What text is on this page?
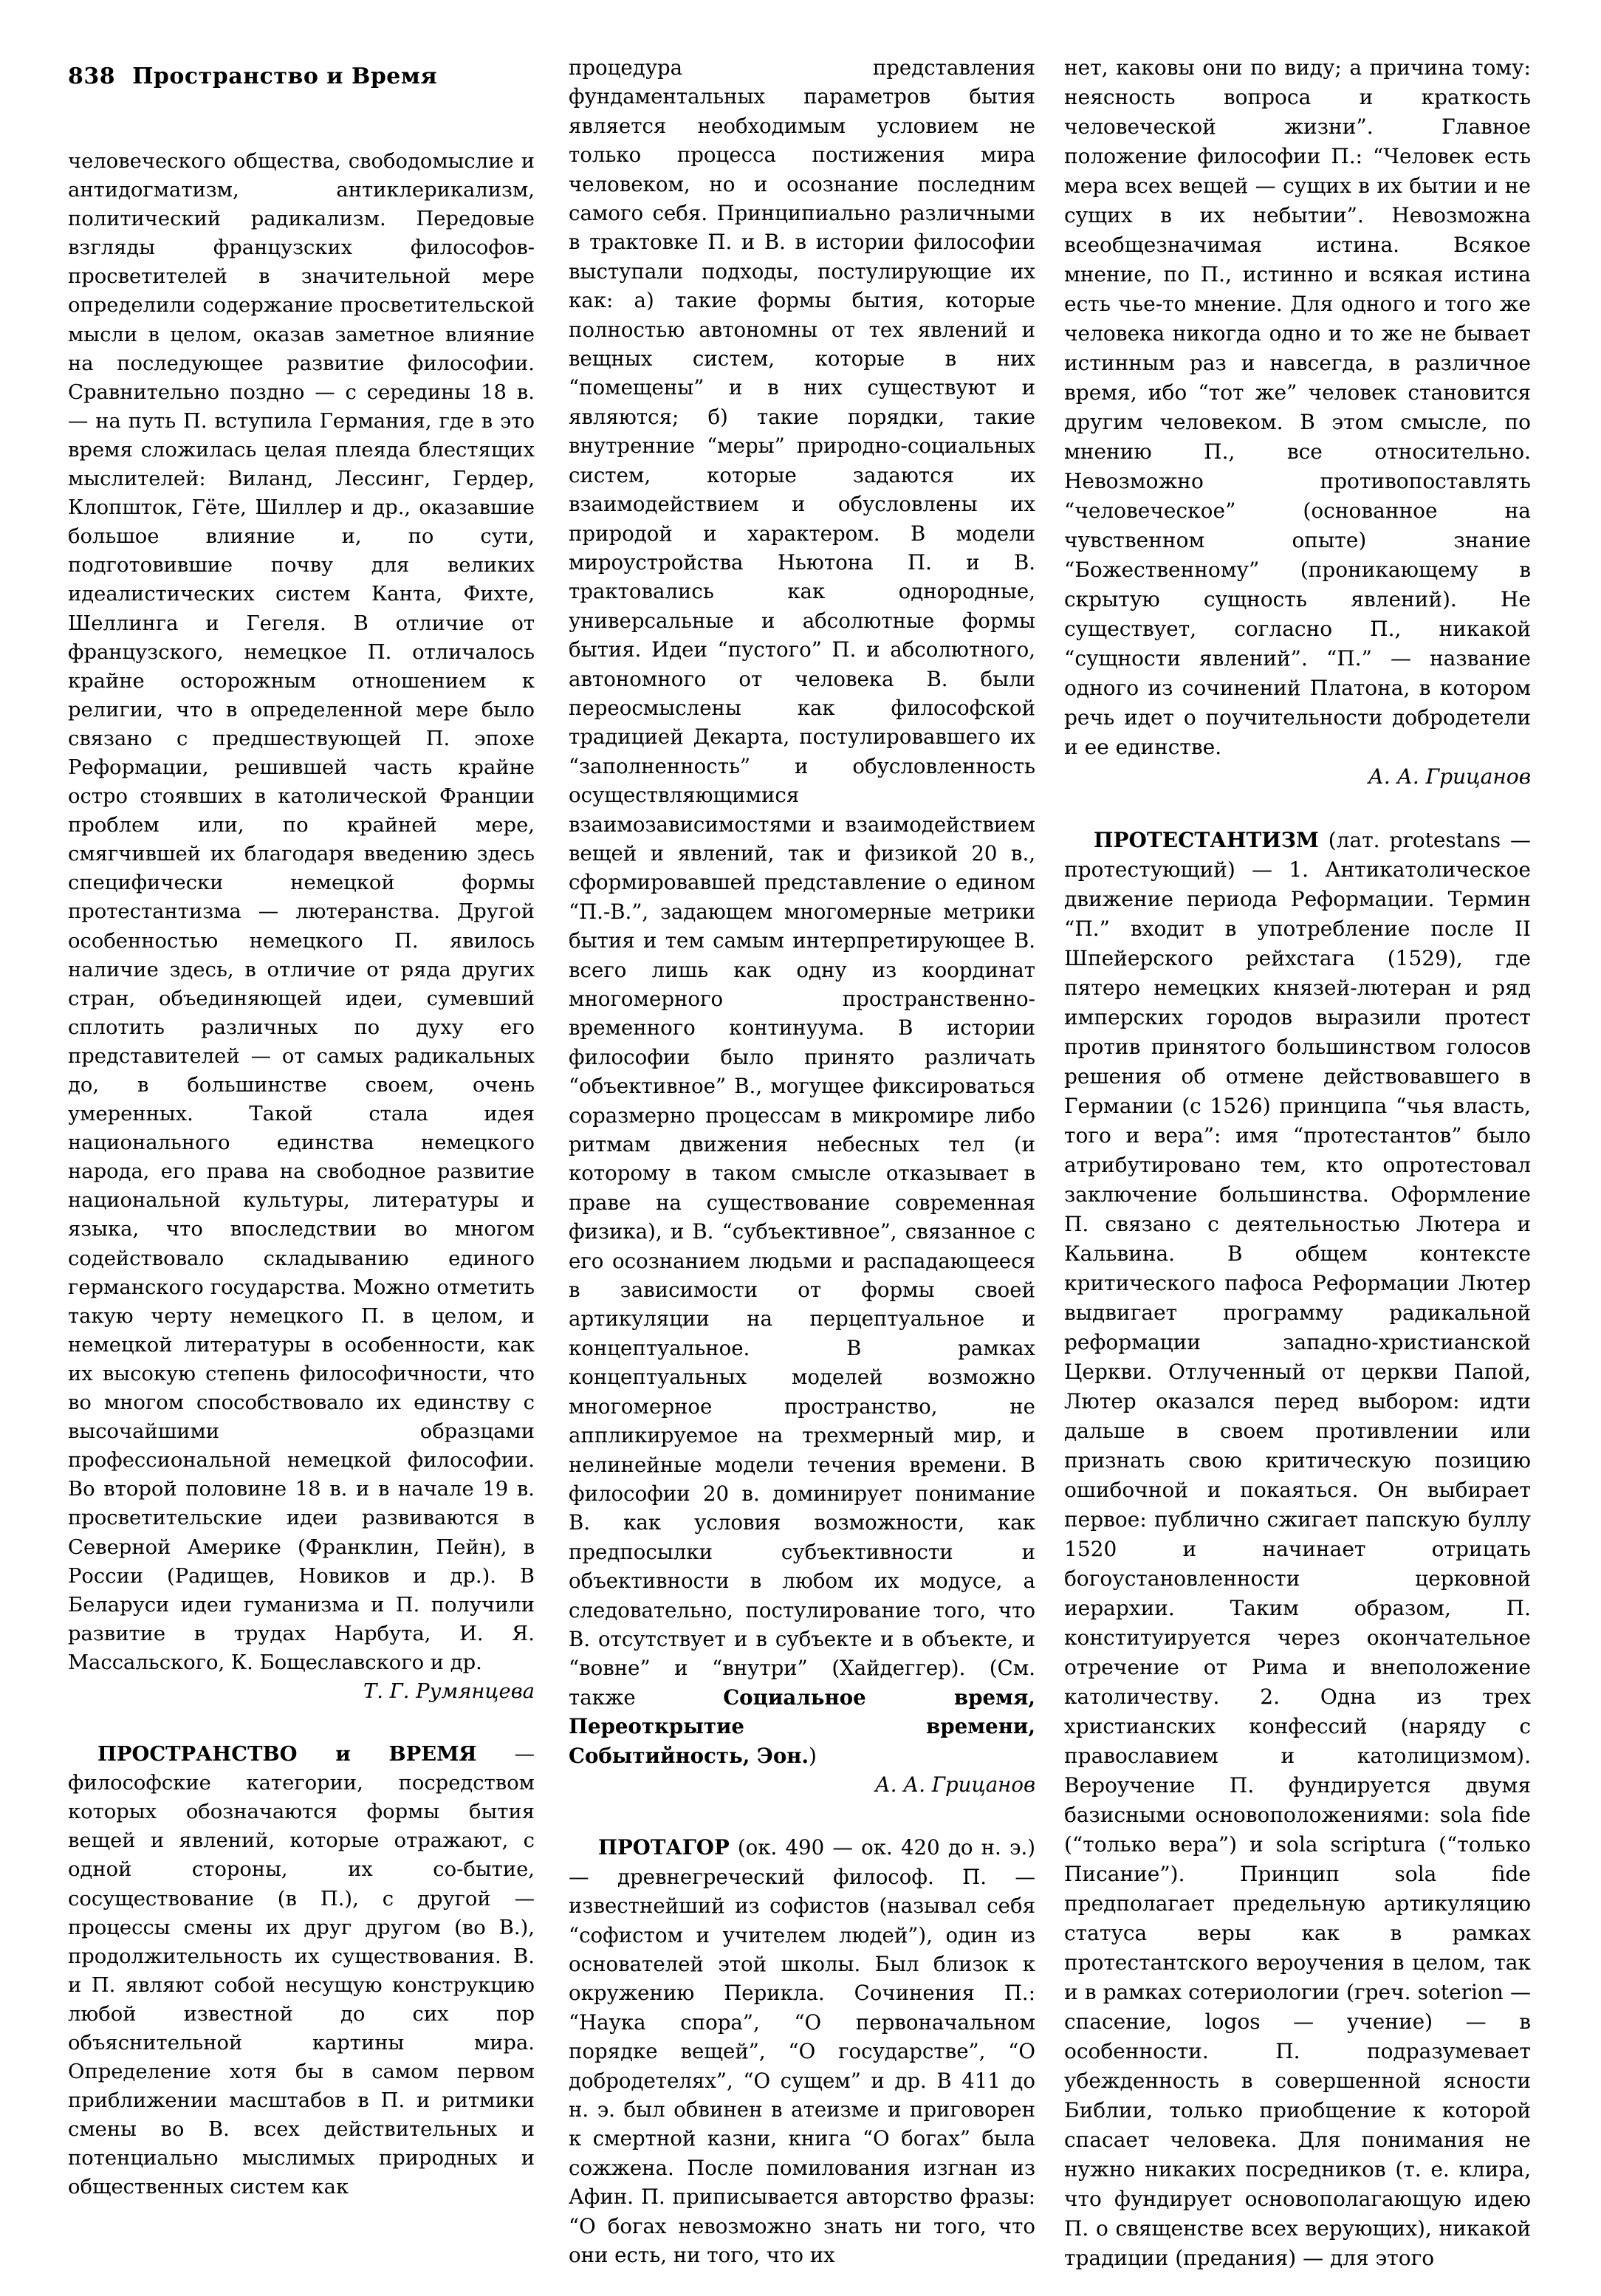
838 Пространство и Время

человеческого общества, свободомыслие и антидогматизм, антиклерикализм, политический радикализм. Передовые взгляды французских философов-просветителей в значительной мере определили содержание просветительской мысли в целом, оказав заметное влияние на последующее развитие философии. Сравнительно поздно — с середины 18 в. — на путь П. вступила Германия, где в это время сложилась целая плеяда блестящих мыслителей: Виланд, Лессинг, Гердер, Клопшток, Гёте, Шиллер и др., оказавшие большое влияние и, по сути, подготовившие почву для великих идеалистических систем Канта, Фихте, Шеллинга и Гегеля. В отличие от французского, немецкое П. отличалось крайне осторожным отношением к религии, что в определенной мере было связано с предшествующей П. эпохе Реформации, решившей часть крайне остро стоявших в католической Франции проблем или, по крайней мере, смягчившей их благодаря введению здесь специфически немецкой формы протестантизма — лютеранства. Другой особенностью немецкого П. явилось наличие здесь, в отличие от ряда других стран, объединяющей идеи, сумевший сплотить различных по духу его представителей — от самых радикальных до, в большинстве своем, очень умеренных. Такой стала идея национального единства немецкого народа, его права на свободное развитие национальной культуры, литературы и языка, что впоследствии во многом содействовало складыванию единого германского государства. Можно отметить такую черту немецкого П. в целом, и немецкой литературы в особенности, как их высокую степень философичности, что во многом способствовало их единству с высочайшими образцами профессиональной немецкой философии. Во второй половине 18 в. и в начале 19 в. просветительские идеи развиваются в Северной Америке (Франклин, Пейн), в России (Радищев, Новиков и др.). В Беларуси идеи гуманизма и П. получили развитие в трудах Нарбута, И. Я. Массальского, К. Бощеславского и др.

Т. Г. Румянцева

ПРОСТРАНСТВО и ВРЕМЯ — философские категории, посредством которых обозначаются формы бытия вещей и явлений, которые отражают, с одной стороны, их со-бытие, сосуществование (в П.), с другой — процессы смены их друг другом (во В.), продолжительность их существования. В. и П. являют собой несущую конструкцию любой известной до сих пор объяснительной картины мира. Определение хотя бы в самом первом приближении масштабов в П. и ритмики смены во В. всех действительных и потенциально мыслимых природных и общественных систем как

процедура представления фундаментальных параметров бытия является необходимым условием не только процесса постижения мира человеком, но и осознание последним самого себя. Принципиально различными в трактовке П. и В. в истории философии выступали подходы, постулирующие их как: а) такие формы бытия, которые полностью автономны от тех явлений и вещных систем, которые в них “помещены” и в них существуют и являются; б) такие порядки, такие внутренние “меры” природно-социальных систем, которые задаются их взаимодействием и обусловлены их природой и характером. В модели мироустройства Ньютона П. и В. трактовались как однородные, универсальные и абсолютные формы бытия. Идеи “пустого” П. и абсолютного, автономного от человека В. были переосмыслены как философской традицией Декарта, постулировавшего их “заполненность” и обусловленность осуществляющимися взаимозависимостями и взаимодействием вещей и явлений, так и физикой 20 в., сформировавшей представление о едином “П.-В.”, задающем многомерные метрики бытия и тем самым интерпретирующее В. всего лишь как одну из координат многомерного пространственно-временного континуума. В истории философии было принято различать “объективное” В., могущее фиксироваться соразмерно процессам в микромире либо ритмам движения небесных тел (и которому в таком смысле отказывает в праве на существование современная физика), и В. “субъективное”, связанное с его осознанием людьми и распадающееся в зависимости от формы своей артикуляции на перцептуальное и концептуальное. В рамках концептуальных моделей возможно многомерное пространство, не аппликируемое на трехмерный мир, и нелинейные модели течения времени. В философии 20 в. доминирует понимание В. как условия возможности, как предпосылки субъективности и объективности в любом их модусе, а следовательно, постулирование того, что В. отсутствует и в субъекте и в объекте, и “вовне” и “внутри” (Хайдеггер). (См. также Социальное время, Переоткрытие времени, Событийность, Эон.)

А. А. Грицанов

ПРОТАГОР (ок. 490 — ок. 420 до н. э.) — древнегреческий философ. П. — известнейший из софистов (называл себя “софистом и учителем людей”), один из основателей этой школы. Был близок к окружению Перикла. Сочинения П.: “Наука спора”, “О первоначальном порядке вещей”, “О государстве”, “О добродетелях”, “О сущем” и др. В 411 до н. э. был обвинен в атеизме и приговорен к смертной казни, книга “О богах” была сожжена. После помилования изгнан из Афин. П. приписывается авторство фразы: “О богах невозможно знать ни того, что они есть, ни того, что их

нет, каковы они по виду; а причина тому: неясность вопроса и краткость человеческой жизни”. Главное положение философии П.: “Человек есть мера всех вещей — сущих в их бытии и не сущих в их небытии”. Невозможна всеобщезначимая истина. Всякое мнение, по П., истинно и всякая истина есть чье-то мнение. Для одного и того же человека никогда одно и то же не бывает истинным раз и навсегда, в различное время, ибо “тот же” человек становится другим человеком. В этом смысле, по мнению П., все относительно. Невозможно противопоставлять “человеческое” (основанное на чувственном опыте) знание “Божественному” (проникающему в скрытую сущность явлений). Не существует, согласно П., никакой “сущности явлений”. “П.” — название одного из сочинений Платона, в котором речь идет о поучительности добродетели и ее единстве.

А. А. Грицанов

ПРОТЕСТАНТИЗМ (лат. protestans — протестующий) — 1. Антикатолическое движение периода Реформации. Термин “П.” входит в употребление после II Шпейерского рейхстага (1529), где пятеро немецких князей-лютеран и ряд имперских городов выразили протест против принятого большинством голосов решения об отмене действовавшего в Германии (с 1526) принципа “чья власть, того и вера”: имя “протестантов” было атрибутировано тем, кто опротестовал заключение большинства. Оформление П. связано с деятельностью Лютера и Кальвина. В общем контексте критического пафоса Реформации Лютер выдвигает программу радикальной реформации западно-христианской Церкви. Отлученный от церкви Папой, Лютер оказался перед выбором: идти дальше в своем противлении или признать свою критическую позицию ошибочной и покаяться. Он выбирает первое: публично сжигает папскую буллу 1520 и начинает отрицать богоустановленности церковной иерархии. Таким образом, П. конституируется через окончательное отречение от Рима и внеположение католичеству. 2. Одна из трех христианских конфессий (наряду с православием и католицизмом). Вероучение П. фундируется двумя базисными основоположениями: sola fide (“только вера”) и sola scriptura (“только Писание”). Принцип sola fide предполагает предельную артикуляцию статуса веры как в рамках протестантского вероучения в целом, так и в рамках сотериологии (греч. soterion — спасение, logos — учение) — в особенности. П. подразумевает убежденность в совершенной ясности Библии, только приобщение к которой спасает человека. Для понимания не нужно никаких посредников (т. е. клира, что фундирует основополагающую идею П. о священстве всех верующих), никакой традиции (предания) — для этого
